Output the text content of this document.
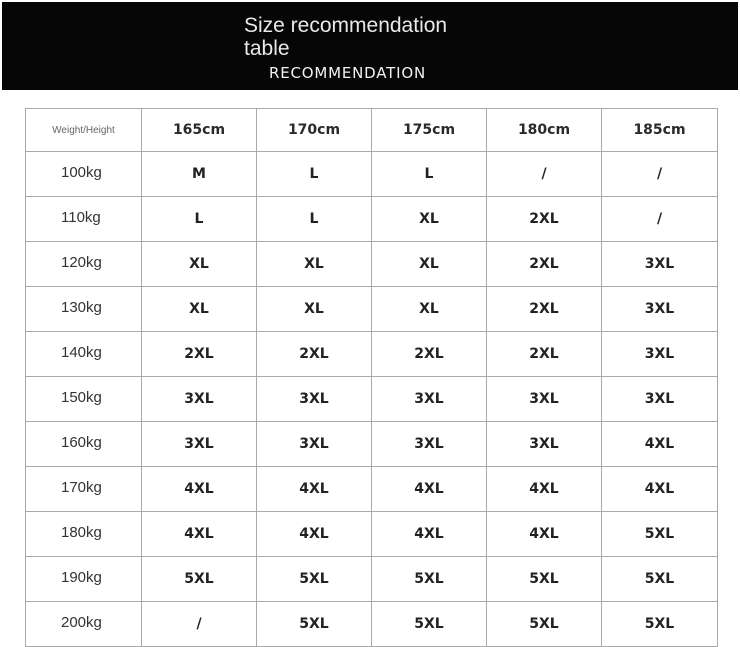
Size recommendation table

RECOMMENDATION

Weight/Height	165cm	170cm	175cm	180cm	185cm
100kg	M	L	L	/	/
110kg	L	L	XL	2XL	/
120kg	XL	XL	XL	2XL	3XL
130kg	XL	XL	XL	2XL	3XL
140kg	2XL	2XL	2XL	2XL	3XL
150kg	3XL	3XL	3XL	3XL	3XL
160kg	3XL	3XL	3XL	3XL	4XL
170kg	4XL	4XL	4XL	4XL	4XL
180kg	4XL	4XL	4XL	4XL	5XL
190kg	5XL	5XL	5XL	5XL	5XL
200kg	/	5XL	5XL	5XL	5XL
